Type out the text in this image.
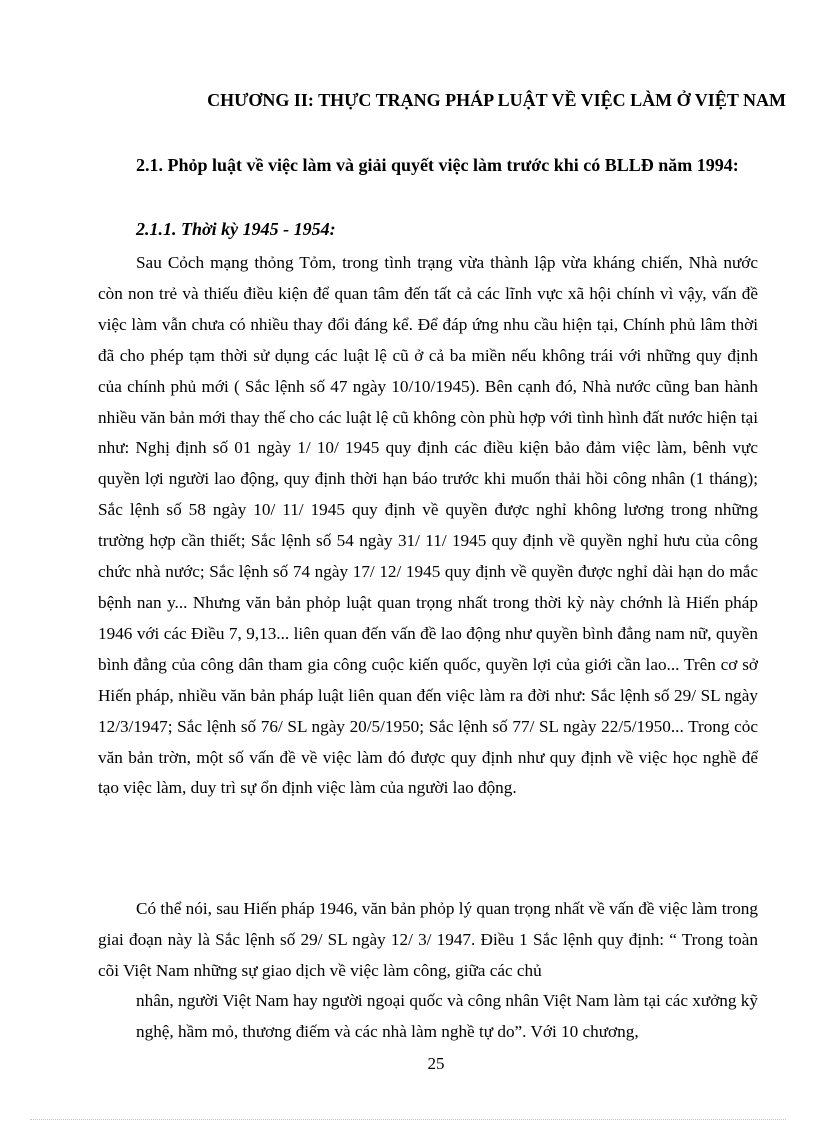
CHƯƠNG II: THỰC TRẠNG PHÁP LUẬT VỀ VIỆC LÀM Ở VIỆT NAM
2.1. Phỏp luật về việc làm và giải quyết việc làm trước khi có BLLĐ năm 1994:
2.1.1. Thời kỳ 1945 - 1954:

Sau Cỏch mạng thỏng Tỏm, trong tình trạng vừa thành lập vừa kháng chiến, Nhà nước còn non trẻ và thiếu điều kiện để quan tâm đến tất cả các lĩnh vực xã hội chính vì vậy, vấn đề việc làm vẫn chưa có nhiều thay đổi đáng kể. Để đáp ứng nhu cầu hiện tại, Chính phủ lâm thời đã cho phép tạm thời sử dụng các luật lệ cũ ở cả ba miền nếu không trái với những quy định của chính phủ mới ( Sắc lệnh số 47 ngày 10/10/1945). Bên cạnh đó, Nhà nước cũng ban hành nhiều văn bản mới thay thế cho các luật lệ cũ không còn phù hợp với tình hình đất nước hiện tại như: Nghị định số 01 ngày 1/ 10/ 1945 quy định các điều kiện bảo đảm việc làm, bênh vực quyền lợi người lao động, quy định thời hạn báo trước khi muốn thải hồi công nhân (1 tháng); Sắc lệnh số 58 ngày 10/ 11/ 1945 quy định về quyền được nghỉ không lương trong những trường hợp cần thiết; Sắc lệnh số 54 ngày 31/ 11/ 1945 quy định về quyền nghỉ hưu của công chức nhà nước; Sắc lệnh số 74 ngày 17/ 12/ 1945 quy định về quyền được nghỉ dài hạn do mắc bệnh nan y... Nhưng văn bản phỏp luật quan trọng nhất trong thời kỳ này chớnh là Hiến pháp 1946 với các Điều 7, 9,13... liên quan đến vấn đề lao động như quyền bình đẳng nam nữ, quyền bình đẳng của công dân tham gia công cuộc kiến quốc, quyền lợi của giới cần lao... Trên cơ sở Hiến pháp, nhiều văn bản pháp luật liên quan đến việc làm ra đời như: Sắc lệnh số 29/ SL ngày 12/3/1947; Sắc lệnh số 76/ SL ngày 20/5/1950; Sắc lệnh số 77/ SL ngày 22/5/1950... Trong cỏc văn bản trờn, một số vấn đề về việc làm đó được quy định như quy định về việc học nghề để tạo việc làm, duy trì sự ổn định việc làm của người lao động.

Có thể nói, sau Hiến pháp 1946, văn bản phỏp lý quan trọng nhất về vấn đề việc làm trong giai đoạn này là Sắc lệnh số 29/ SL ngày 12/ 3/ 1947. Điều 1 Sắc lệnh quy định: “ Trong toàn cõi Việt Nam những sự giao dịch về việc làm công, giữa các chủ

nhân, người Việt Nam hay người ngoại quốc và công nhân Việt Nam làm tại các xưởng kỹ nghệ, hầm mỏ, thương điếm và các nhà làm nghề tự do”. Với 10 chương,

25
